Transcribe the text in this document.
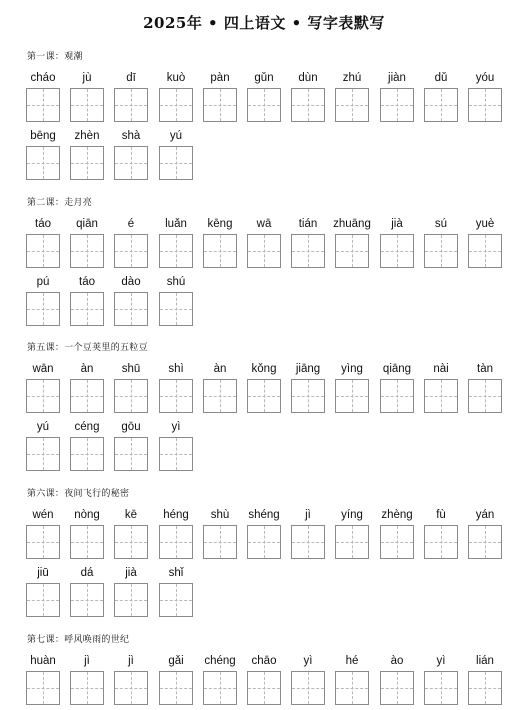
2025年 • 四上语文 • 写字表默写
第一课：观潮
cháo	jù	dī	kuò	pàn	gǔn	dùn	zhú	jiàn	dǔ	yóu
bēng	zhèn	shà	yú
第二课：走月亮
táo	qiān	é	luǎn	kēng	wā	tián	zhuāng	jià	sú	yuè
pú	táo	dào	shú
第五课：一个豆荚里的五粒豆
wān	àn	shū	shì	àn	kǒng	jiāng	yìng	qiāng	nài	tàn
yú	céng	gōu	yì
第六课：夜间飞行的秘密
wén	nòng	kē	héng	shù	shéng	jì	yíng	zhèng	fù	yán
jiū	dá	jià	shǐ
第七课：呼风唤雨的世纪
huàn	jì	jì	gǎi	chéng	chāo	yì	hé	ào	yì	lián
